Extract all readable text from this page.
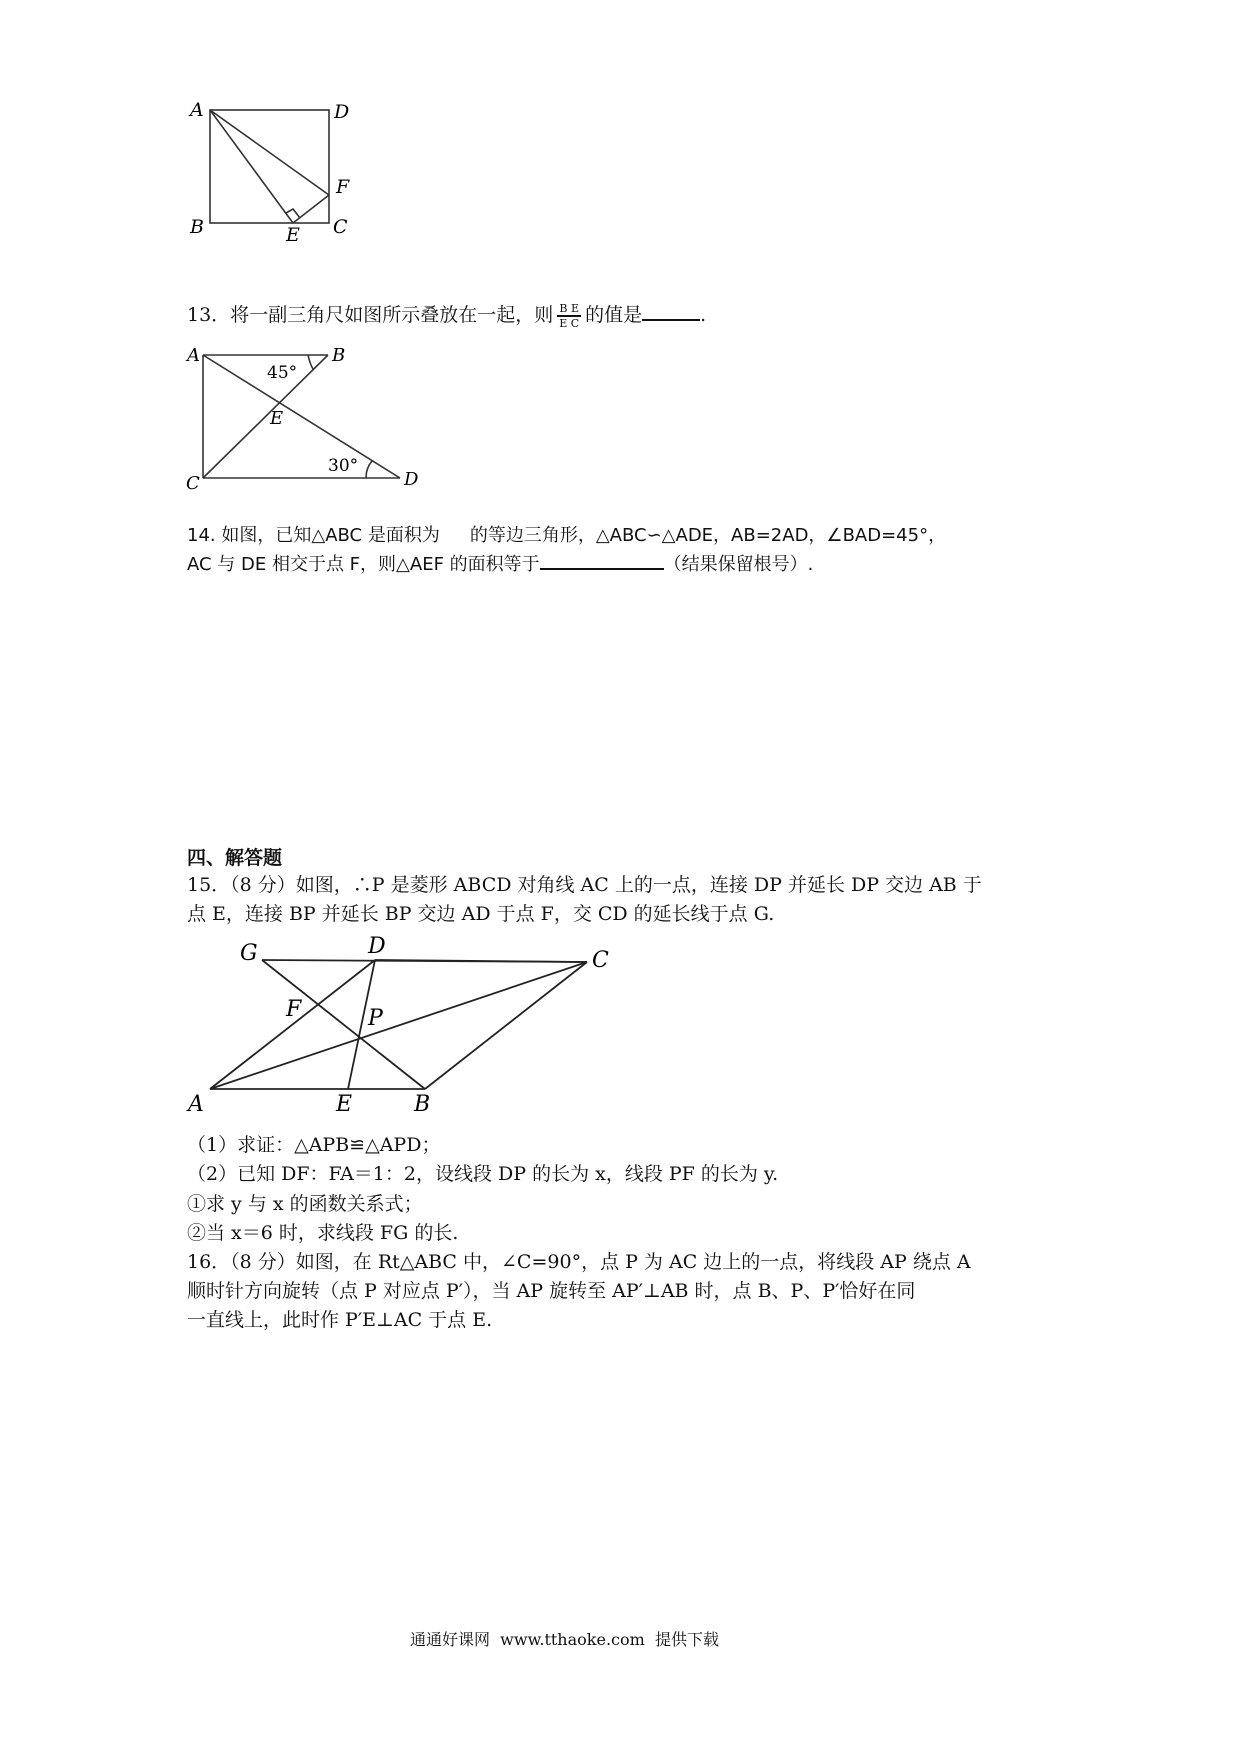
A	D
F
B	E C
13．将一副三角尺如图所示叠放在一起，则 $\frac{\text{B E}}{\text{E C}}$ 的值是	.
A	B
45°
E
30°
C	D
14. 如图，已知△ABC 是面积为 的等边三角形，△ABC∽△ADE，AB=2AD，∠BAD=45°，
AC 与 DE 相交于点 F，则△AEF 的面积等于	（结果保留根号）.
四、解答题
15．（8 分）如图，∴P 是菱形 ABCD 对角线 AC 上的一点，连接 DP 并延长 DP 交边 AB 于
点 E，连接 BP 并延长 BP 交边 AD 于点 F，交 CD 的延长线于点 G.
G	D
C
F	P
A	E	B
（1）求证：△APB≌△APD；
（2）已知 DF：FA＝1：2，设线段 DP 的长为 x，线段 PF 的长为 y.
①求 y 与 x 的函数关系式；
②当 x＝6 时，求线段 FG 的长.
16．（8 分）如图，在 Rt△ABC 中，∠C=90°，点 P 为 AC 边上的一点，将线段 AP 绕点 A
顺时针方向旋转（点 P 对应点 P′），当 AP 旋转至 AP′⊥AB 时，点 B、P、P′恰好在同
一直线上，此时作 P′E⊥AC 于点 E.
通通好课网  www.tthaoke.com  提供下载
